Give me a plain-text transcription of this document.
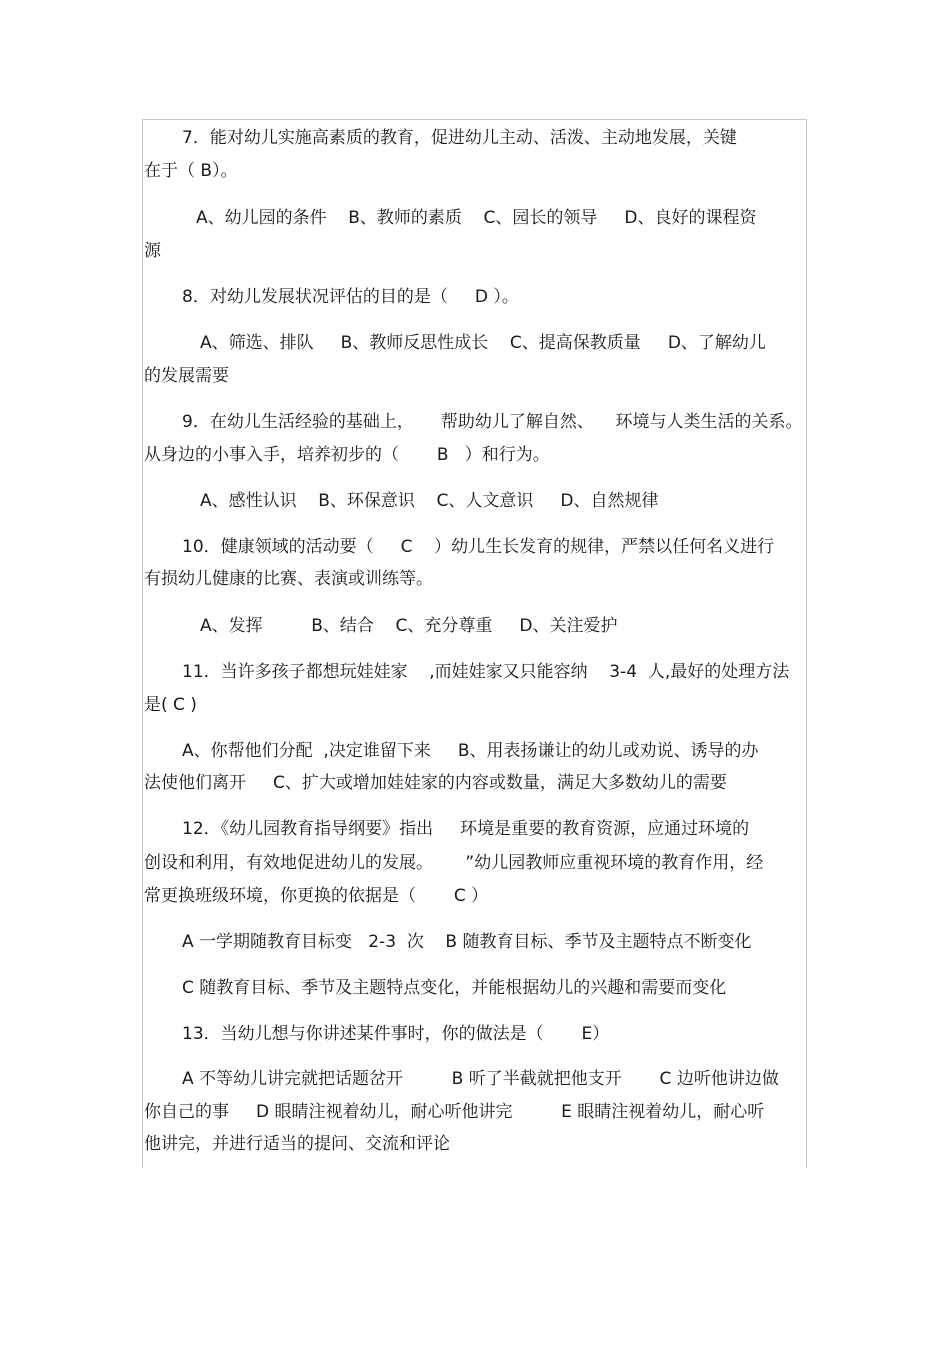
7．能对幼儿实施高素质的教育，促进幼儿主动、活泼、主动地发展，关键
在于（ B）。
A、幼儿园的条件    B、教师的素质    C、园长的领导     D、良好的课程资
源
8．对幼儿发展状况评估的目的是（     D ）。
A、筛选、排队     B、教师反思性成长    C、提高保教质量     D、了解幼儿
的发展需要
9．在幼儿生活经验的基础上，     帮助幼儿了解自然、    环境与人类生活的关系。
从身边的小事入手，培养初步的（       B   ）和行为。
A、感性认识    B、环保意识    C、人文意识     D、自然规律
10．健康领域的活动要（     C    ）幼儿生长发育的规律，严禁以任何名义进行
有损幼儿健康的比赛、表演或训练等。
A、发挥         B、结合    C、充分尊重     D、关注爱护
11．当许多孩子都想玩娃娃家    ,而娃娃家又只能容纳    3-4  人,最好的处理方法
是( C )
A、你帮他们分配  ,决定谁留下来     B、用表扬谦让的幼儿或劝说、诱导的办
法使他们离开     C、扩大或增加娃娃家的内容或数量，满足大多数幼儿的需要
12．《幼儿园教育指导纲要》指出     环境是重要的教育资源，应通过环境的
创设和利用，有效地促进幼儿的发展。      ”幼儿园教师应重视环境的教育作用，经
常更换班级环境，你更换的依据是（       C ）
A 一学期随教育目标变   2-3  次    B 随教育目标、季节及主题特点不断变化
C 随教育目标、季节及主题特点变化，并能根据幼儿的兴趣和需要而变化
13．当幼儿想与你讲述某件事时，你的做法是（       E）
A 不等幼儿讲完就把话题岔开         B 听了半截就把他支开       C 边听他讲边做
你自己的事     D 眼睛注视着幼儿，耐心听他讲完         E 眼睛注视着幼儿，耐心听
他讲完，并进行适当的提问、交流和评论
